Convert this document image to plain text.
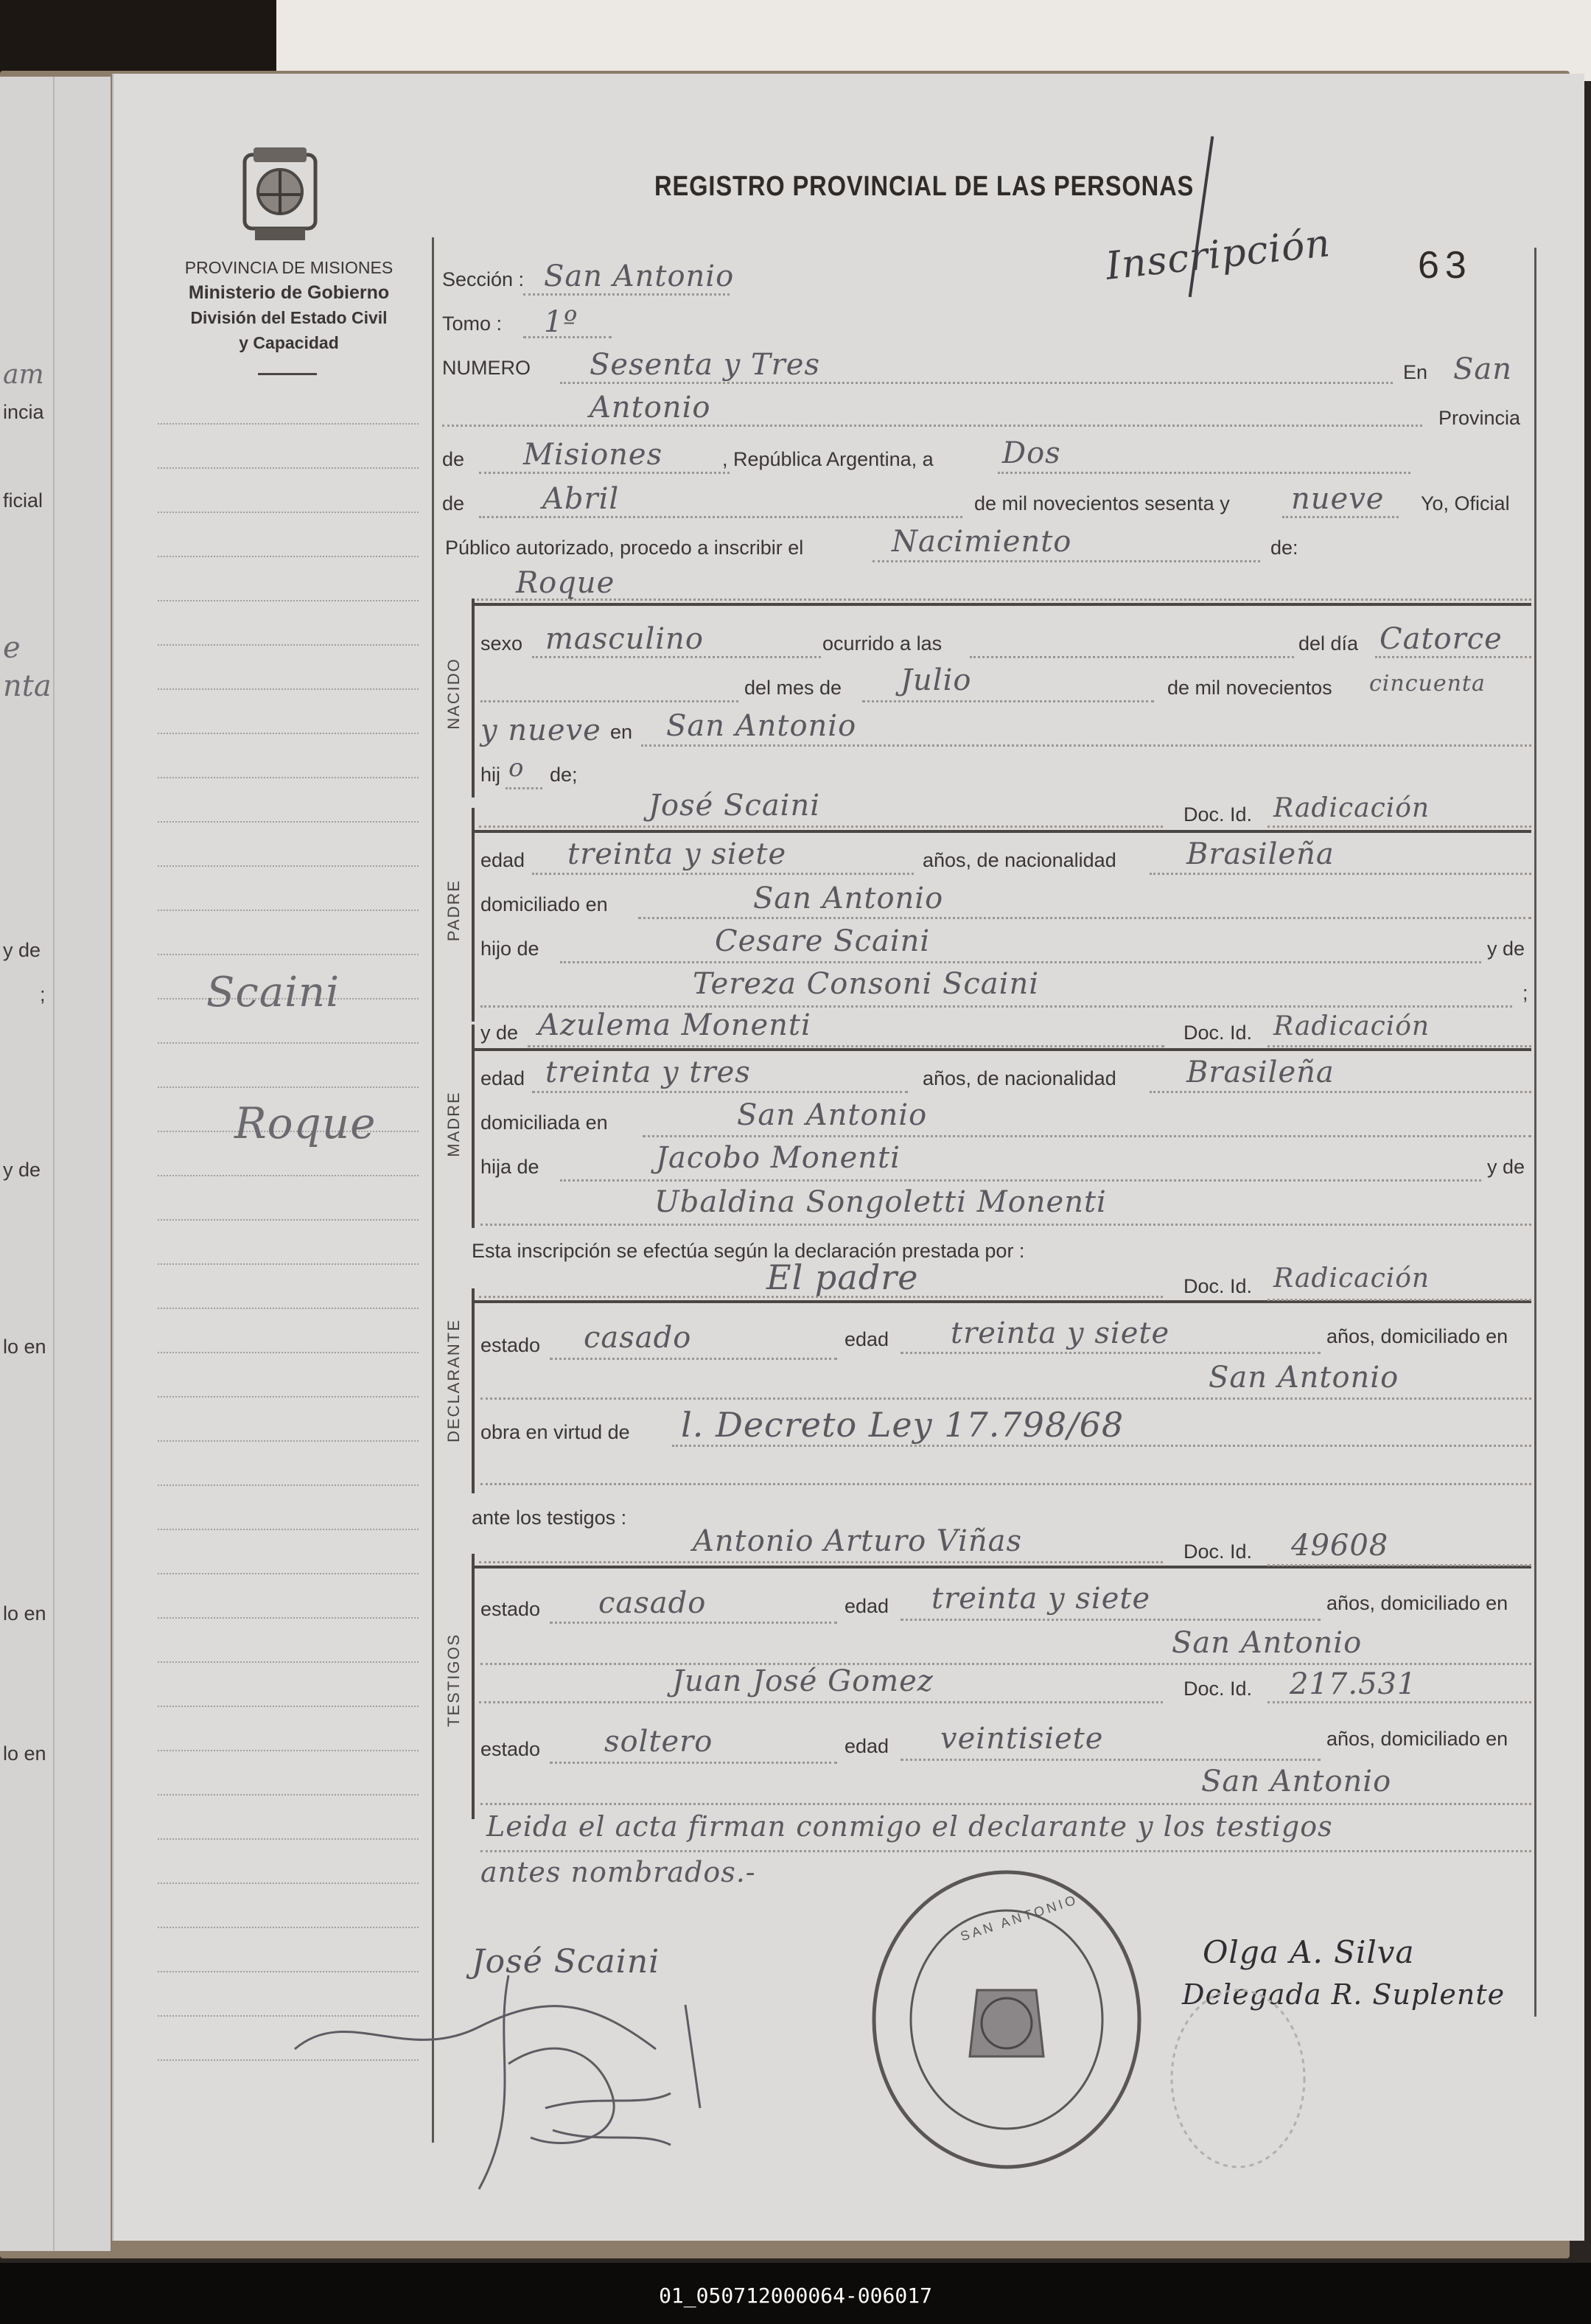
am
incia
ficial
e
nta
y de
;
y de
lo en
lo en
lo en
PROVINCIA DE MISIONES
Ministerio de Gobierno
División del Estado Civil
y Capacidad
Scaini
Roque
REGISTRO PROVINCIAL DE LAS PERSONAS
Inscripción 63
Sección : San Antonio
Tomo : 1º
NUMERO Sesenta y Tres	En San
Antonio	Provincia
de Misiones	, República Argentina, a Dos
de	Abril	de mil novecientos sesenta y nueve Yo, Oficial
Público autorizado, procedo a inscribir el	Nacimiento	de:
Roque
NACIDO
sexo masculino	ocurrido a las	del día Catorce
del mes de Julio	de mil novecientos cincuenta
y nueve en San Antonio
hij o de;
José Scaini	Doc. Id. Radicación
PADRE
edad treinta y siete	años, de nacionalidad Brasileña
domiciliado en	San Antonio
hijo de	Cesare Scaini	y de
Tereza Consoni Scaini	;
y de Azulema Monenti	Doc. Id. Radicación
MADRE
edad treinta y tres	años, de nacionalidad Brasileña
domiciliada en	San Antonio
hija de	Jacobo Monenti	y de
Ubaldina Songoletti Monenti
Esta inscripción se efectúa según la declaración prestada por :
El padre	Doc. Id. Radicación
DECLARANTE estado casado	edad treinta y siete	años, domiciliado en
San Antonio
obra en virtud de l. Decreto Ley 17.798/68
ante los testigos :
Antonio Arturo Viñas	Doc. Id. 49608
TESTIGOS
estado casado	edad treinta y siete	años, domiciliado en
San Antonio
Juan José Gomez	Doc. Id. 217.531
estado soltero	edad veintisiete	años, domiciliado en
San Antonio
Leida el acta firman conmigo el declarante y los testigos
antes nombrados.-
José Scaini	Olga A. Silva
Delegada R. Suplente
SAN ANTONIO
01_050712000064-006017
